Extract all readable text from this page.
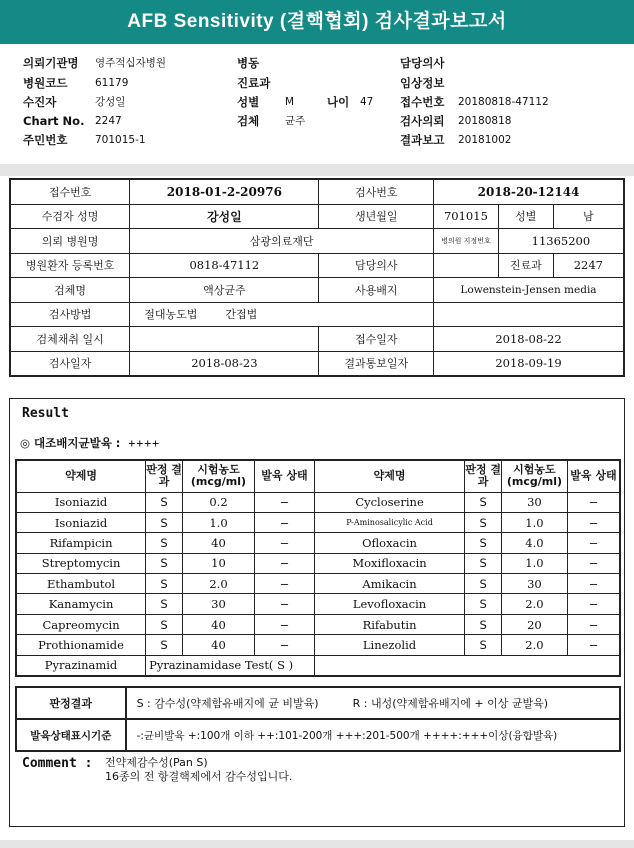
AFB Sensitivity (결핵협회) 검사결과보고서
의뢰기관명 영주적십자병원
병원코드	61179
수진자	강성일
Chart No. 2247
주민번호	701015-1
병동
진료과
성별 M	나이 47
검체 균주
담당의사
임상정보
접수번호 20180818-47112
검사의뢰 20180818
결과보고 20181002
접수번호	2018-01-2-20976	검사번호	2018-20-12144		
수검자 성명	강성일	생년월일	701015	성별	남
의뢰 병원명	삼광의료재단		병의원 지정번호	11365200	
병원환자 등록번호	0818-47112	담당의사		진료과	2247
검체명	액상균주	사용배지	Lowenstein-Jensen media		
검사방법	절대농도법 간접법				
검체채취 일시		접수일자	2018-08-22		
검사일자	2018-08-23	결과통보일자	2018-09-19		
Result
◎ 대조배지균발육 : ++++
약제명	판정 결과	시험농도
(mcg/ml)	발육 상태	약제명	판정 결과	시험농도
(mcg/ml)	발육 상태
Isoniazid	S	0.2	−	Cycloserine	S	30	−
Isoniazid	S	1.0	−	P-Aminosalicylic Acid	S	1.0	−
Rifampicin	S	40	−	Ofloxacin	S	4.0	−
Streptomycin	S	10	−	Moxifloxacin	S	1.0	−
Ethambutol	S	2.0	−	Amikacin	S	30	−
Kanamycin	S	30	−	Levofloxacin	S	2.0	−
Capreomycin	S	40	−	Rifabutin	S	20	−
Prothionamide	S	40	−	Linezolid	S	2.0	−
Pyrazinamid	Pyrazinamidase Test( S )						
판정결과	S : 감수성(약제함유배지에 균 비발육) R : 내성(약제함유배지에 + 이상 균발육)
발육상태표시기준	-:균비발육 +:100개 이하 ++:101-200개 +++:201-500개 ++++:+++이상(융합발육)
Comment : 전약제감수성(Pan S)
16종의 전 항결핵제에서 감수성입니다.
